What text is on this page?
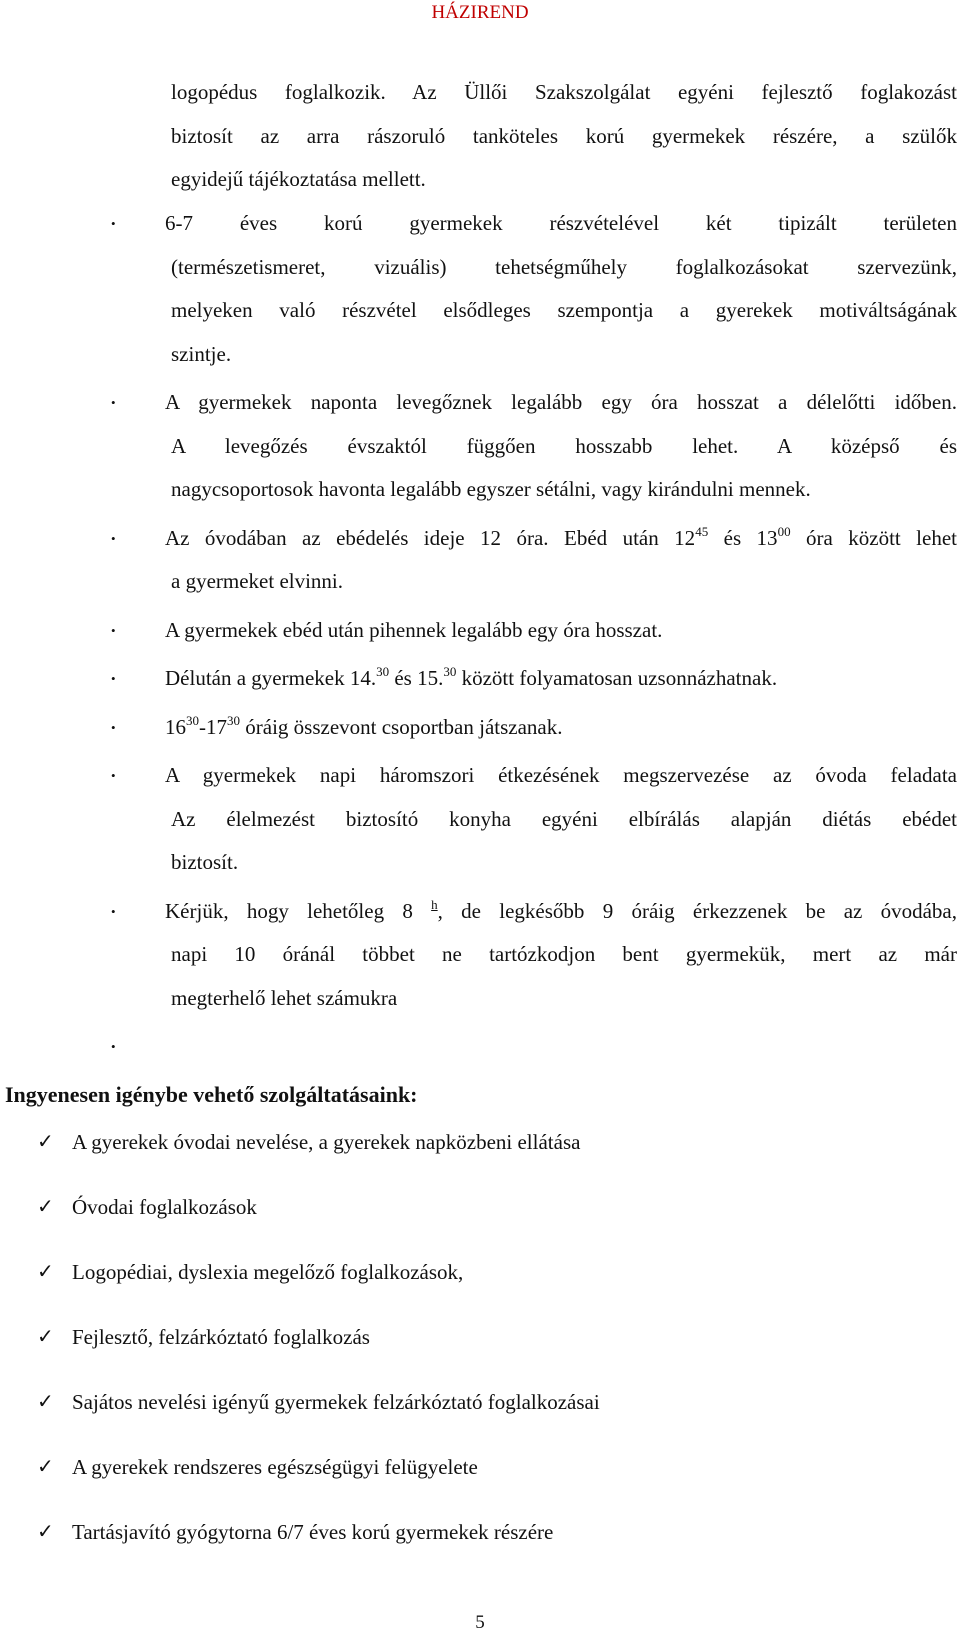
HÁZIREND
logopédus foglalkozik. Az Üllői Szakszolgálat egyéni fejlesztő foglakozást
biztosít az arra rászoruló tanköteles korú gyermekek részére, a szülők
egyidejű tájékoztatása mellett.
• 6-7 éves korú gyermekek részvételével két tipizált területen
(természetismeret, vizuális) tehetségműhely foglalkozásokat szervezünk,
melyeken való részvétel elsődleges szempontja a gyerekek motiváltságának
szintje.
• A gyermekek naponta levegőznek legalább egy óra hosszat a délelőtti időben.
A levegőzés évszaktól függően hosszabb lehet. A középső és
nagycsoportosok havonta legalább egyszer sétálni, vagy kirándulni mennek.
• Az óvodában az ebédelés ideje 12 óra. Ebéd után $12^{45}$ és $13^{00}$ óra között lehet
a gyermeket elvinni.
• A gyermekek ebéd után pihennek legalább egy óra hosszat.
• Délután a gyermekek 14.30 és 15.30 között folyamatosan uzsonnázhatnak.
• $16^{30}-17^{30}$ óráig összevont csoportban játszanak.
• A gyermekek napi háromszori étkezésének megszervezése az óvoda feladata
Az élelmezést biztosító konyha egyéni elbírálás alapján diétás ebédet
biztosít.
• Kérjük, hogy lehetőleg 8 $^h$, de legkésőbb 9 óráig érkezzenek be az óvodába,
napi 10 óránál többet ne tartózkodjon bent gyermekük, mert az már
megterhelő lehet számukra
•

Ingyenesen igénybe vehető szolgáltatásaink:
✓ A gyerekek óvodai nevelése, a gyerekek napközbeni ellátása
✓ Óvodai foglalkozások
✓ Logopédiai, dyslexia megelőző foglalkozások,
✓ Fejlesztő, felzárkóztató foglalkozás
✓ Sajátos nevelési igényű gyermekek felzárkóztató foglalkozásai
✓ A gyerekek rendszeres egészségügyi felügyelete
✓ Tartásjavító gyógytorna 6/7 éves korú gyermekek részére
5
